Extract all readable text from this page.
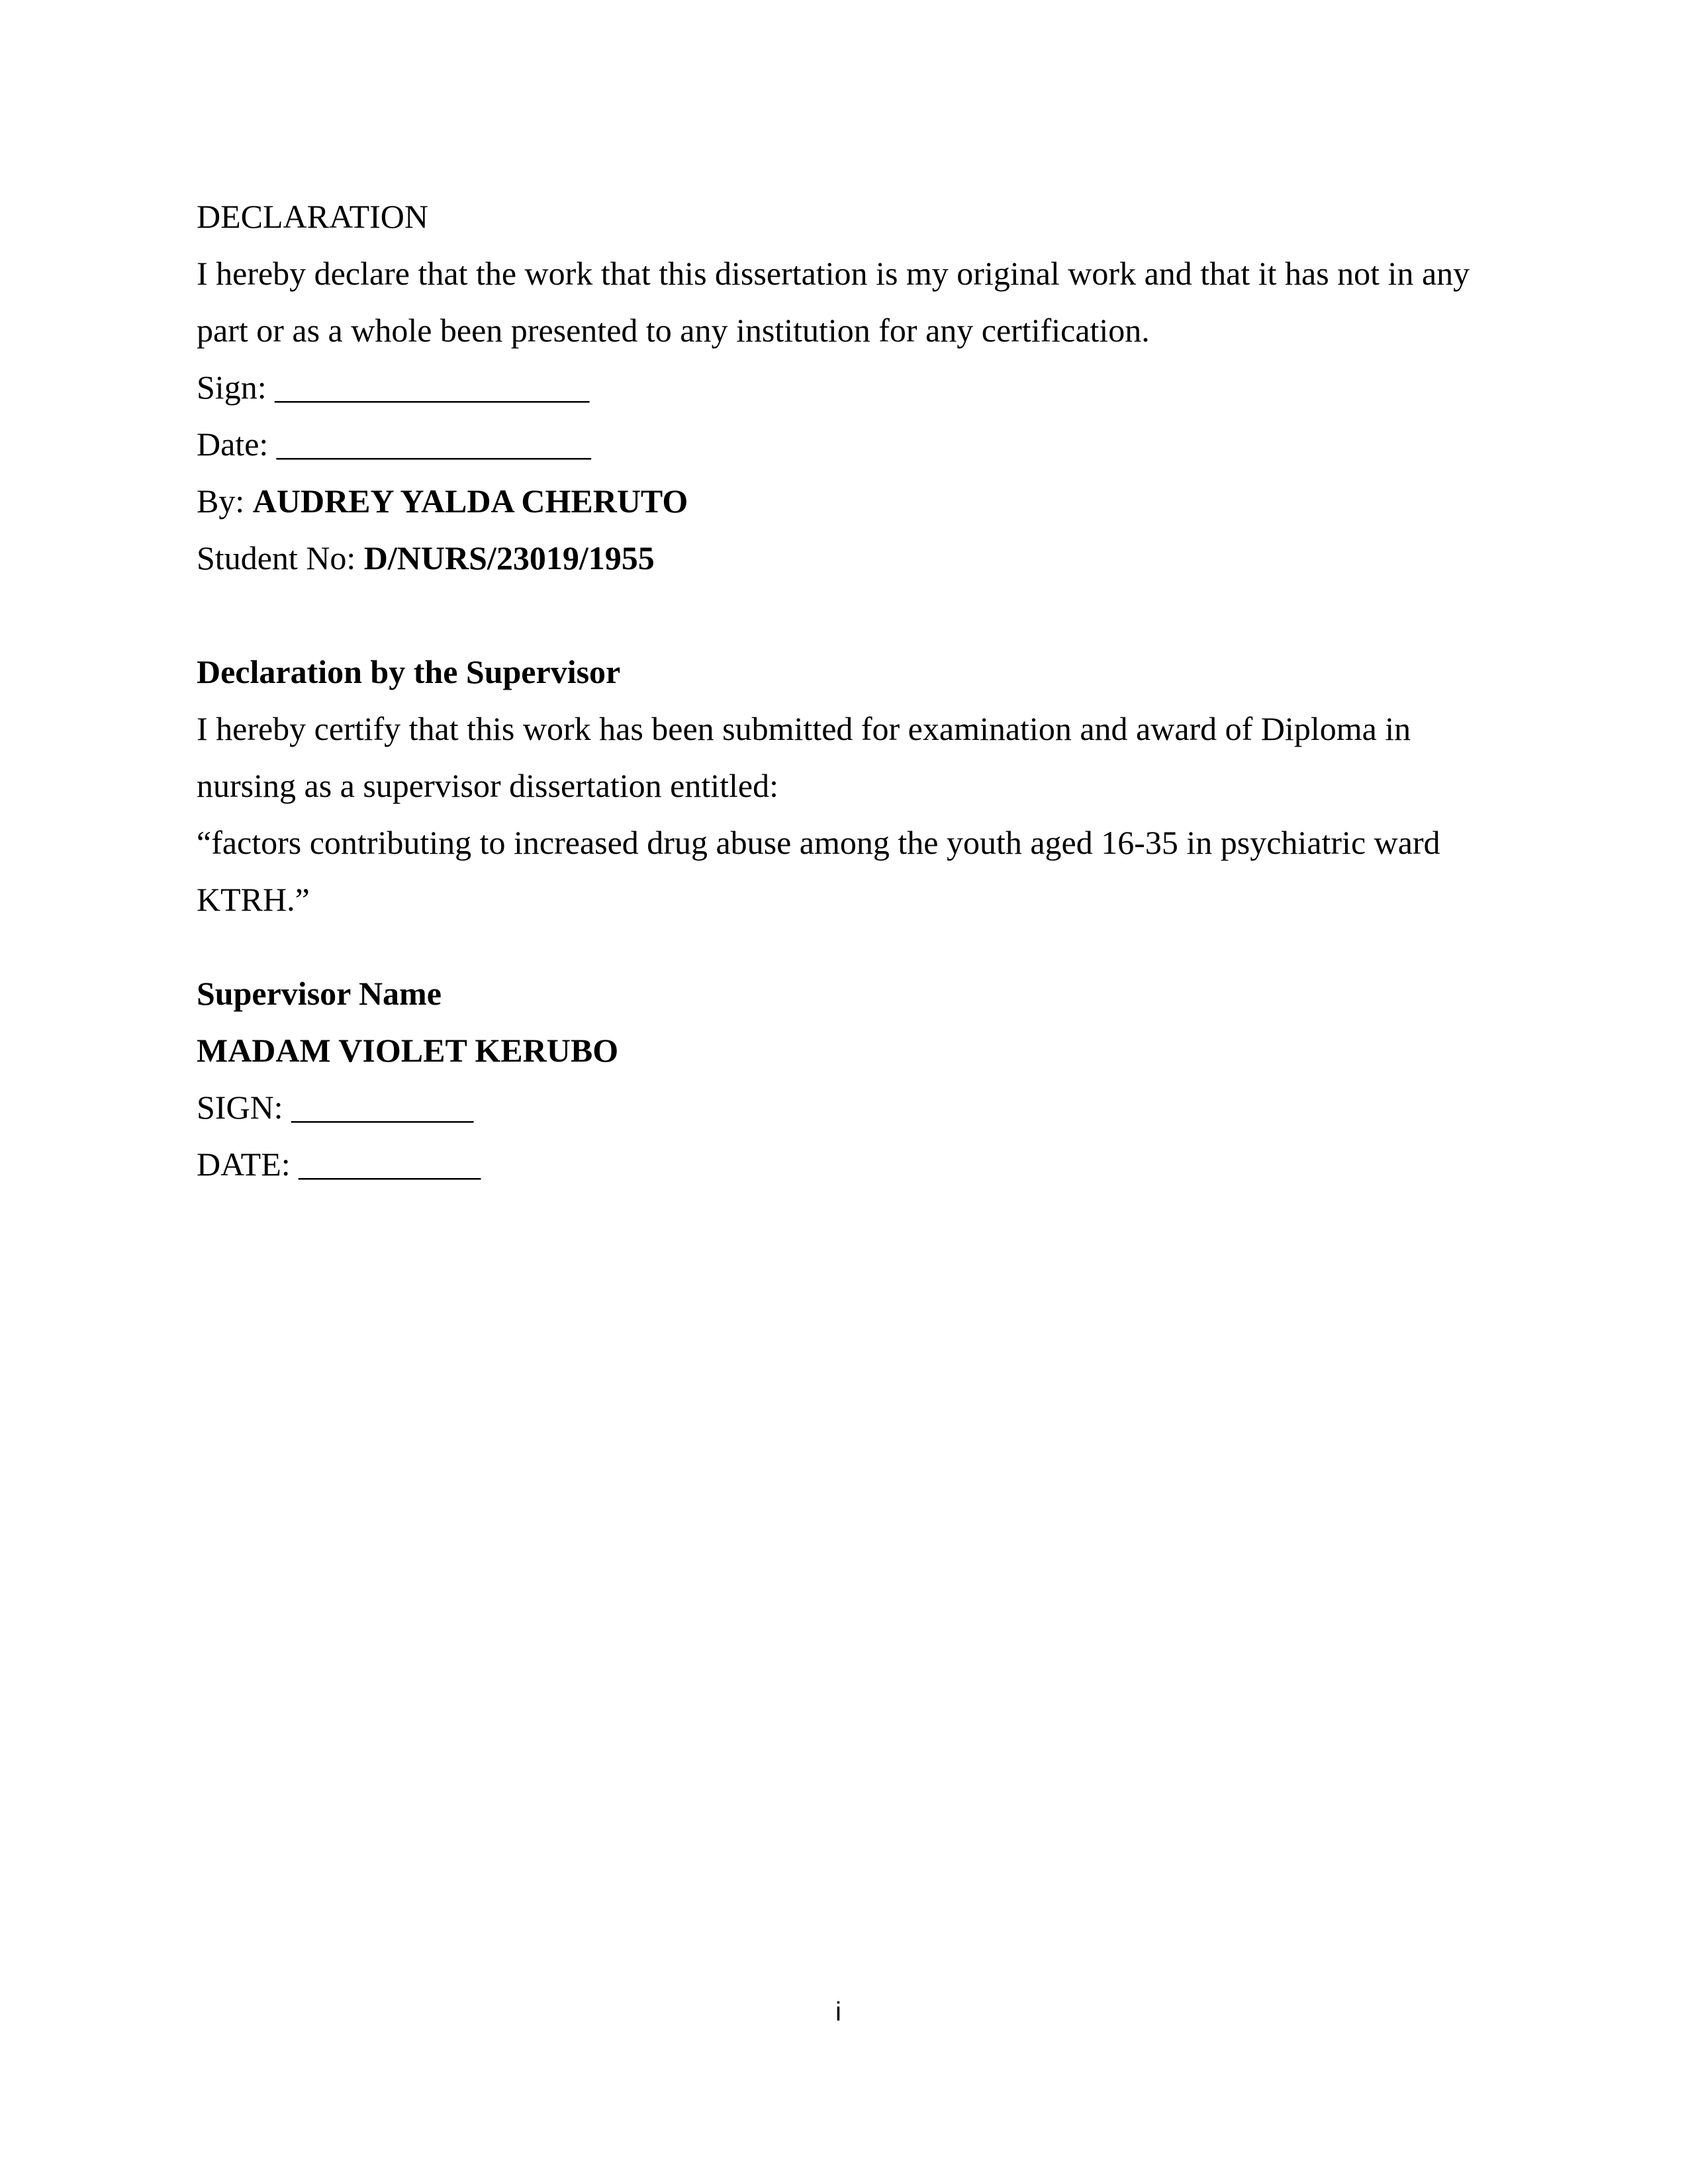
DECLARATION
I hereby declare that the work that this dissertation is my original work and that it has not in any
part or as a whole been presented to any institution for any certification.
Sign: ___________________
Date: ___________________
By: AUDREY YALDA CHERUTO
Student No: D/NURS/23019/1955
Declaration by the Supervisor
I hereby certify that this work has been submitted for examination and award of Diploma in
nursing as a supervisor dissertation entitled:
“factors contributing to increased drug abuse among the youth aged 16-35 in psychiatric ward
KTRH.”
Supervisor Name
MADAM VIOLET KERUBO
SIGN: ___________
DATE: ___________
i
